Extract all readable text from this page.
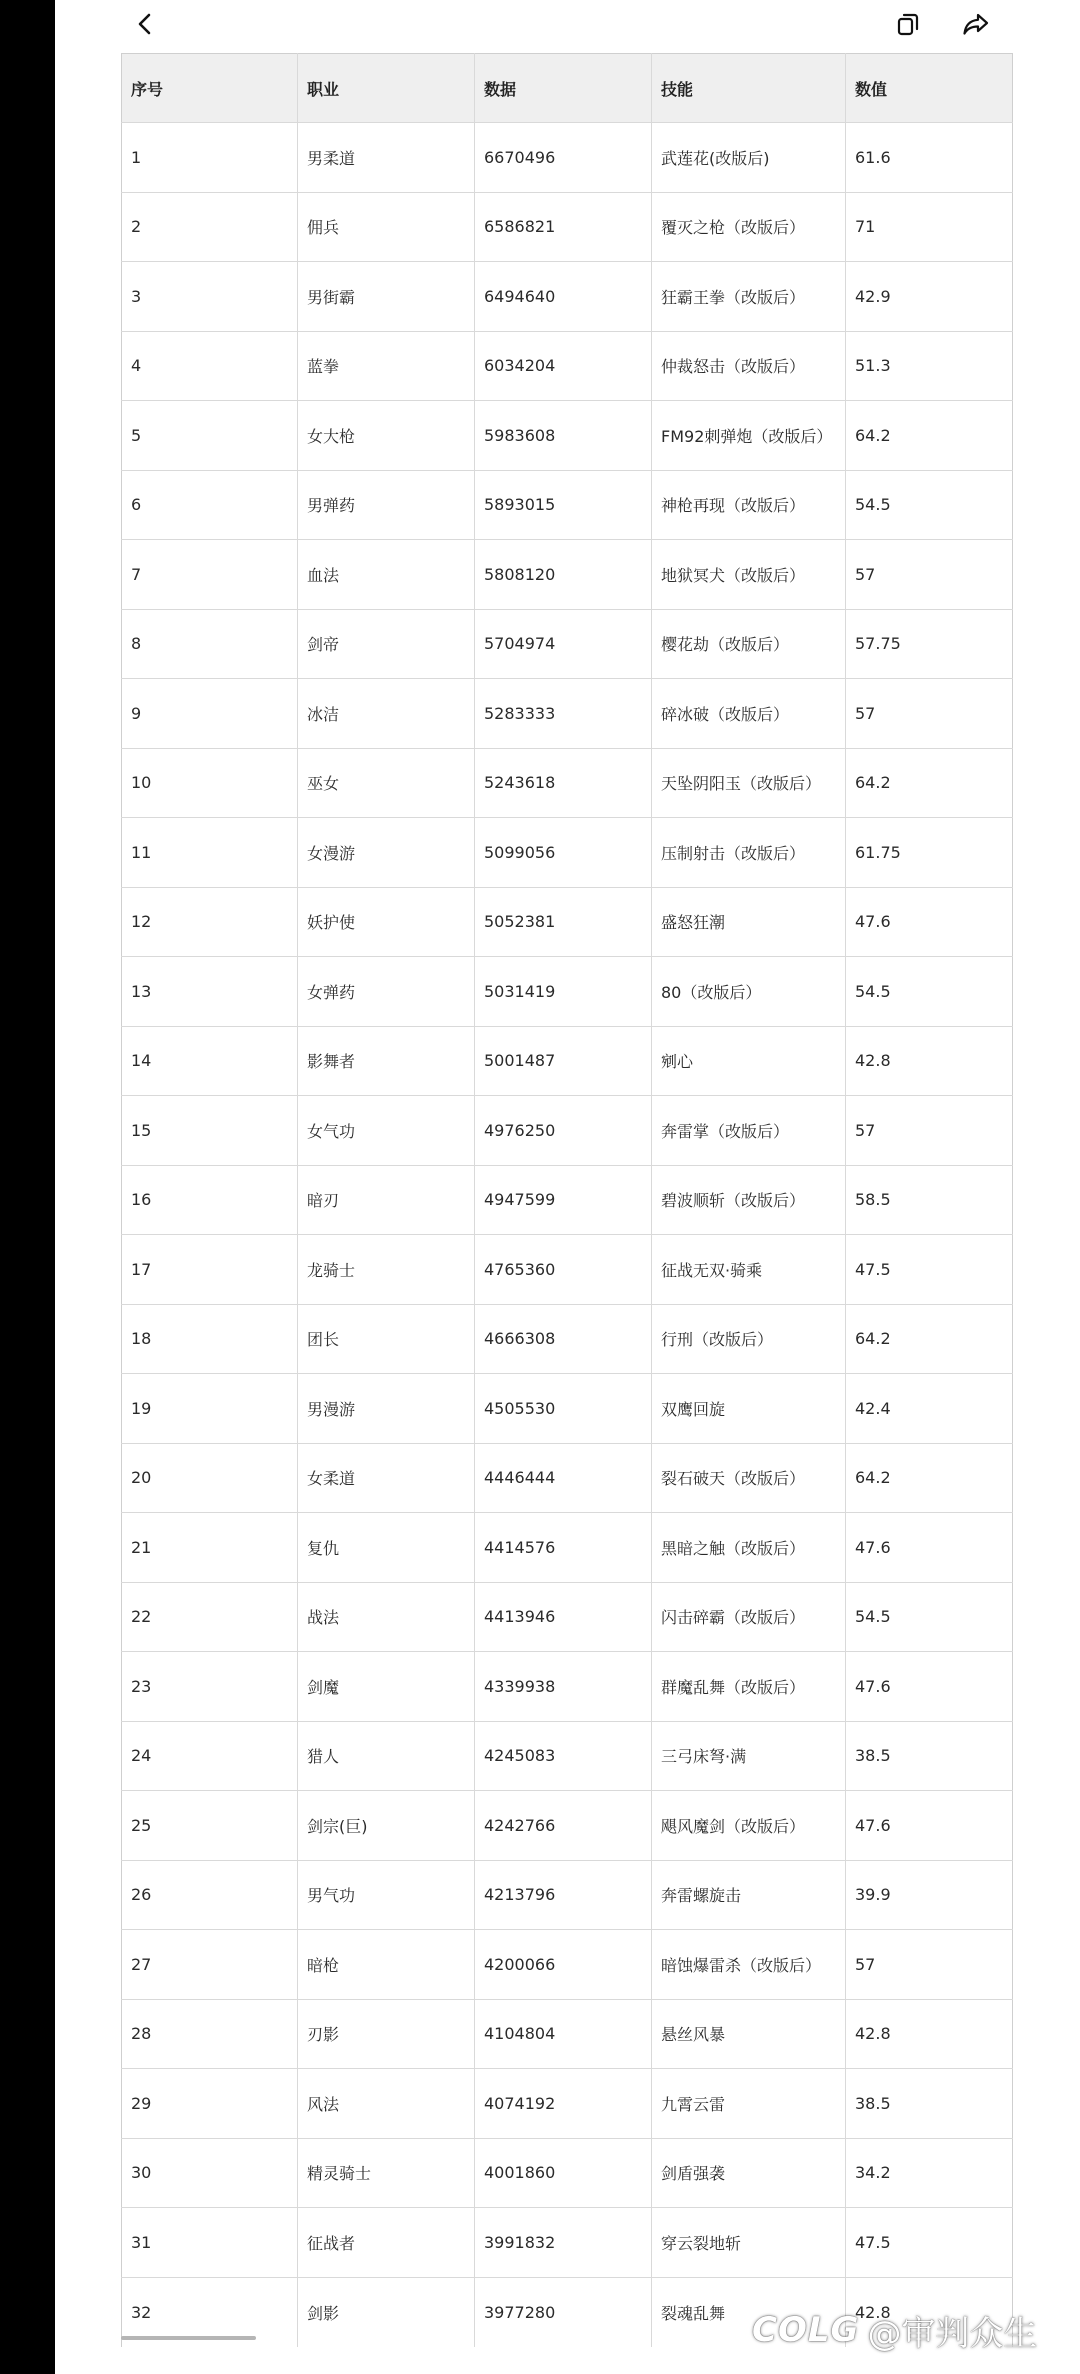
序号	职业	数据	技能	数值
1	男柔道	6670496	武莲花(改版后)	61.6
2	佣兵	6586821	覆灭之枪（改版后）	71
3	男街霸	6494640	狂霸王拳（改版后）	42.9
4	蓝拳	6034204	仲裁怒击（改版后）	51.3
5	女大枪	5983608	FM92刺弹炮（改版后）	64.2
6	男弹药	5893015	神枪再现（改版后）	54.5
7	血法	5808120	地狱冥犬（改版后）	57
8	剑帝	5704974	樱花劫（改版后）	57.75
9	冰洁	5283333	碎冰破（改版后）	57
10	巫女	5243618	天坠阴阳玉（改版后）	64.2
11	女漫游	5099056	压制射击（改版后）	61.75
12	妖护使	5052381	盛怒狂潮	47.6
13	女弹药	5031419	80（改版后）	54.5
14	影舞者	5001487	剜心	42.8
15	女气功	4976250	奔雷掌（改版后）	57
16	暗刃	4947599	碧波顺斩（改版后）	58.5
17	龙骑士	4765360	征战无双·骑乘	47.5
18	团长	4666308	行刑（改版后）	64.2
19	男漫游	4505530	双鹰回旋	42.4
20	女柔道	4446444	裂石破天（改版后）	64.2
21	复仇	4414576	黑暗之触（改版后）	47.6
22	战法	4413946	闪击碎霸（改版后）	54.5
23	剑魔	4339938	群魔乱舞（改版后）	47.6
24	猎人	4245083	三弓床弩·满	38.5
25	剑宗(巨)	4242766	飓风魔剑（改版后）	47.6
26	男气功	4213796	奔雷螺旋击	39.9
27	暗枪	4200066	暗蚀爆雷杀（改版后）	57
28	刃影	4104804	悬丝风暴	42.8
29	风法	4074192	九霄云雷	38.5
30	精灵骑士	4001860	剑盾强袭	34.2
31	征战者	3991832	穿云裂地斩	47.5
32	剑影	3977280	裂魂乱舞	42.8
COLG @审判众生
